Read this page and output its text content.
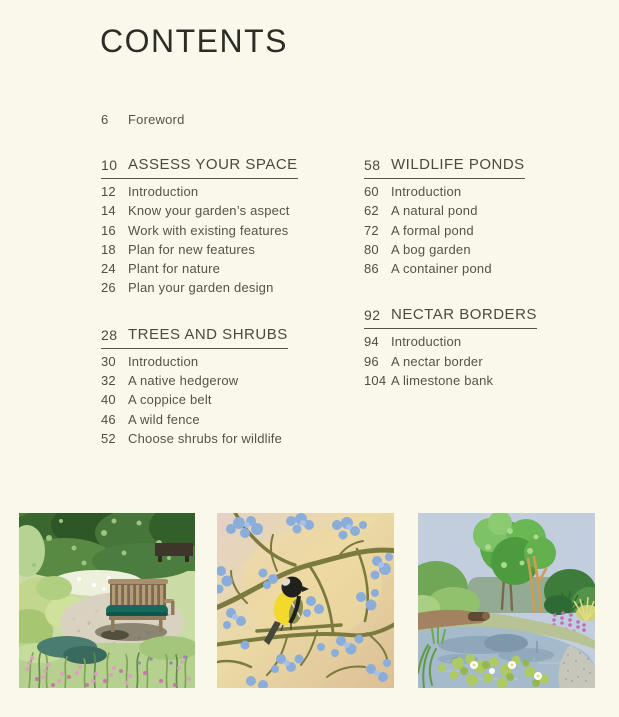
CONTENTS
6	Foreword
10 ASSESS YOUR SPACE
12 Introduction
14 Know your garden’s aspect
16 Work with existing features
18 Plan for new features
24 Plant for nature
26 Plan your garden design
28 TREES AND SHRUBS
30 Introduction
32 A native hedgerow
40 A coppice belt
46 A wild fence
52 Choose shrubs for wildlife
58 WILDLIFE PONDS
60 Introduction
62 A natural pond
72 A formal pond
80 A bog garden
86 A container pond
92 NECTAR BORDERS
94 Introduction
96 A nectar border
104 A limestone bank
